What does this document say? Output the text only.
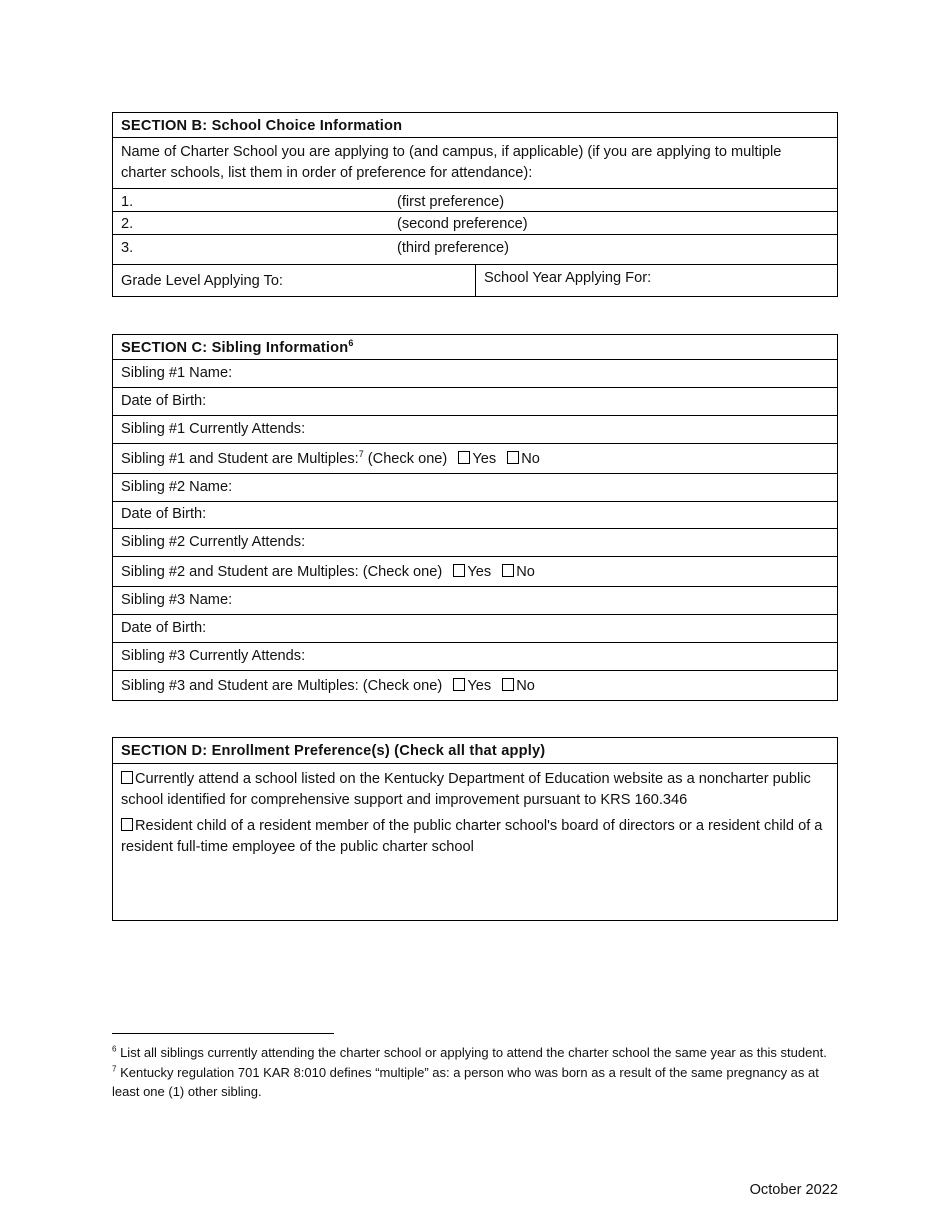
SECTION B: School Choice Information
Name of Charter School you are applying to (and campus, if applicable) (if you are applying to multiple charter schools, list them in order of preference for attendance):
1.	(first preference)
2.	(second preference)
3.	(third preference)
Grade Level Applying To:	School Year Applying For:
SECTION C: Sibling Information$^6$
Sibling #1 Name:
Date of Birth:
Sibling #1 Currently Attends:
Sibling #1 and Student are Multiples:$^7$ (Check one) Yes No
Sibling #2 Name:
Date of Birth:
Sibling #2 Currently Attends:
Sibling #2 and Student are Multiples: (Check one) Yes No
Sibling #3 Name:
Date of Birth:
Sibling #3 Currently Attends:
Sibling #3 and Student are Multiples: (Check one) Yes No
SECTION D: Enrollment Preference(s) (Check all that apply)
Currently attend a school listed on the Kentucky Department of Education website as a noncharter public school identified for comprehensive support and improvement pursuant to KRS 160.346
Resident child of a resident member of the public charter school's board of directors or a resident child of a resident full-time employee of the public charter school
$^6$ List all siblings currently attending the charter school or applying to attend the charter school the same year as this student.
$^7$ Kentucky regulation 701 KAR 8:010 defines “multiple” as: a person who was born as a result of the same pregnancy as at least one (1) other sibling.
October 2022
